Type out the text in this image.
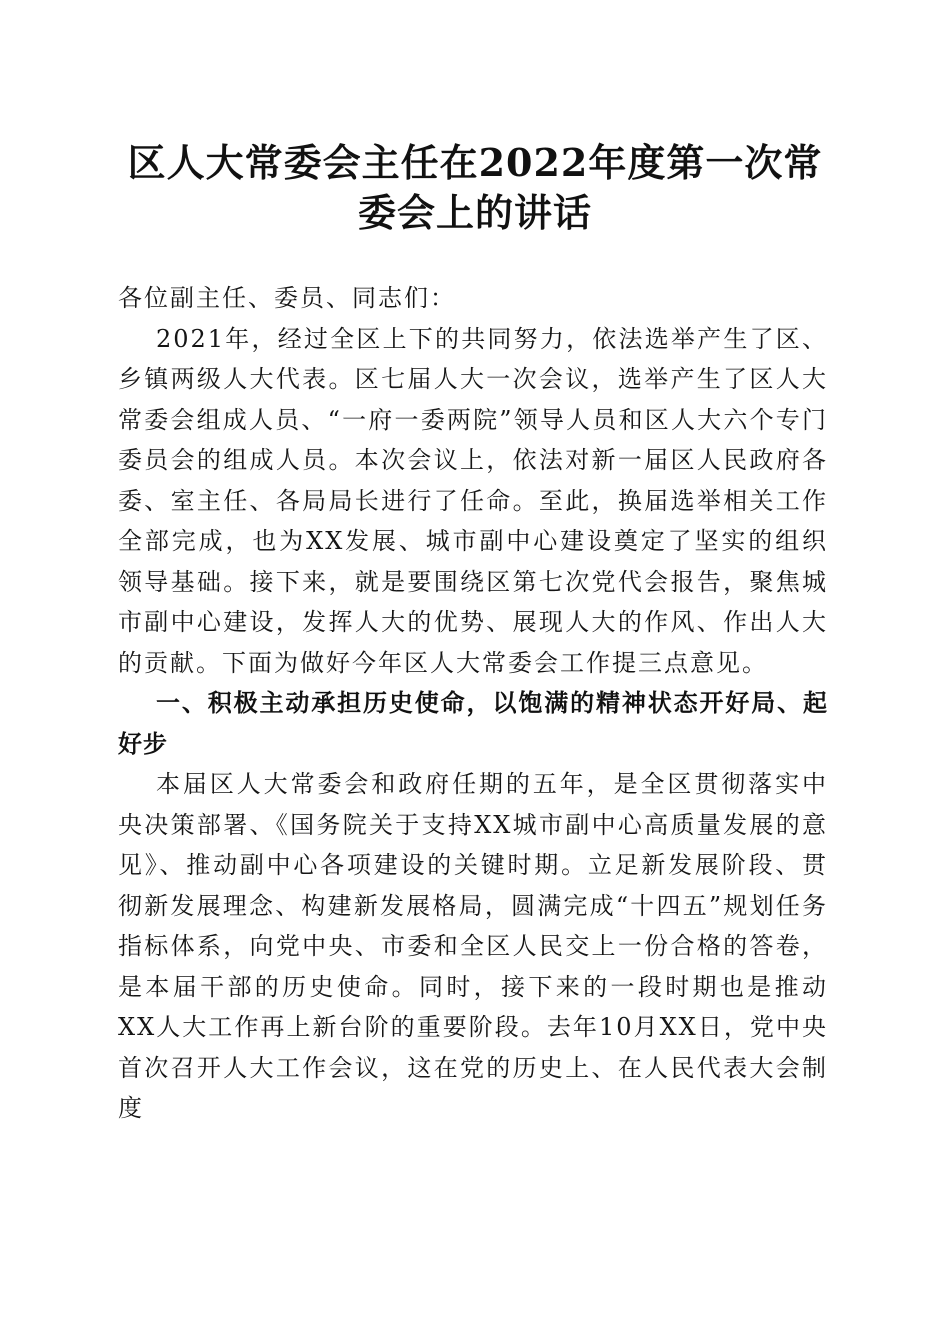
区人大常委会主任在2022年度第一次常委会上的讲话

各位副主任、委员、同志们：

2021年，经过全区上下的共同努力，依法选举产生了区、乡镇两级人大代表。区七届人大一次会议，选举产生了区人大常委会组成人员、“一府一委两院”领导人员和区人大六个专门委员会的组成人员。本次会议上，依法对新一届区人民政府各委、室主任、各局局长进行了任命。至此，换届选举相关工作全部完成，也为XX发展、城市副中心建设奠定了坚实的组织领导基础。接下来，就是要围绕区第七次党代会报告，聚焦城市副中心建设，发挥人大的优势、展现人大的作风、作出人大的贡献。下面为做好今年区人大常委会工作提三点意见。

一、积极主动承担历史使命，以饱满的精神状态开好局、起好步

本届区人大常委会和政府任期的五年，是全区贯彻落实中央决策部署、《国务院关于支持XX城市副中心高质量发展的意见》、推动副中心各项建设的关键时期。立足新发展阶段、贯彻新发展理念、构建新发展格局，圆满完成“十四五”规划任务指标体系，向党中央、市委和全区人民交上一份合格的答卷，是本届干部的历史使命。同时，接下来的一段时期也是推动XX人大工作再上新台阶的重要阶段。去年10月XX日，党中央首次召开人大工作会议，这在党的历史上、在人民代表大会制度
